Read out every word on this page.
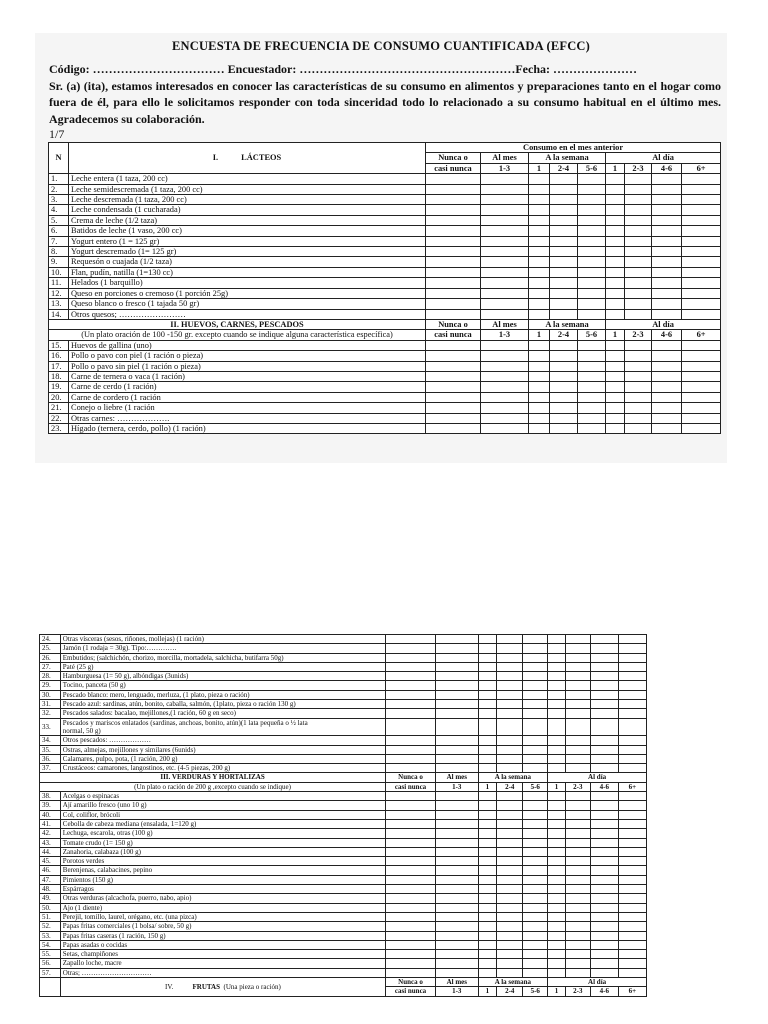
ENCUESTA DE FRECUENCIA DE CONSUMO CUANTIFICADA (EFCC)
Código: …………………………… Encuestador: ………………………………………………Fecha: …………………
Sr. (a) (ita), estamos interesados en conocer las características de su consumo en alimentos y preparaciones tanto en el hogar como fuera de él, para ello le solicitamos responder con toda sinceridad todo lo relacionado a su consumo habitual en el último mes. Agradecemos su colaboración.
1/7
N	I. LÁCTEOS	Consumo en el mes anterior								
		Nunca o	Al mes	A la semana			Al día			
		casi nunca	1-3	1	2-4	5-6	1	2-3	4-6	6+
1.	Leche entera (1 taza, 200 cc)									
2.	Leche semidescremada (1 taza, 200 cc)									
3.	Leche descremada (1 taza, 200 cc)									
4.	Leche condensada (1 cucharada)									
5.	Crema de leche (1/2 taza)									
6.	Batidos de leche (1 vaso, 200 cc)									
7.	Yogurt entero (1 = 125 gr)									
8.	Yogurt descremado (1= 125 gr)									
9.	Requesón o cuajada (1/2 taza)									
10.	Flan, pudín, natilla (1=130 cc)									
11.	Helados (1 barquillo)									
12.	Queso en porciones o cremoso (1 porción 25g)									
13.	Queso blanco o fresco (1 tajada 50 gr)									
14.	Otros quesos; ……………………									
II. HUEVOS, CARNES, PESCADOS		Nunca o	Al mes	A la semana			Al día			
(Un plato oración de 100 -150 gr. excepto cuando se indique alguna característica específica)		casi nunca	1-3	1	2-4	5-6	1	2-3	4-6	6+
15.	Huevos de gallina (uno)									
16.	Pollo o pavo con piel (1 ración o pieza)									
17.	Pollo o pavo sin piel (1 ración o pieza)									
18.	Carne de ternera o vaca (1 ración)									
19.	Carne de cerdo (1 ración)									
20.	Carne de cordero (1 ración									
21.	Conejo o liebre (1 ración									
22.	Otras carnes: ……………….									
23.	Hígado (ternera, cerdo, pollo) (1 ración)									
24.	Otras vísceras (sesos, riñones, mollejas) (1 ración)									
25.	Jamón (1 rodaja = 30g). Tipo:………….									
26.	Embutidos; (salchichón, chorizo, morcilla, mortadela, salchicha, butifarra 50g)									
27.	Paté (25 g)									
28.	Hamburguesa (1= 50 g), albóndigas (3unids)									
29.	Tocino, panceta (50 g)									
30.	Pescado blanco: mero, lenguado, merluza, (1 plato, pieza o ración)									
31.	Pescado azul: sardinas, atún, bonito, caballa, salmón, (1plato, pieza o ración 130 g)									
32.	Pescados salados: bacalao, mejillones,(1 ración, 60 g en seco)									
33.	Pescados y mariscos enlatados (sardinas, anchoas, bonito, atún)(1 lata pequeña o ½ lata
normal, 50 g)									

34.	Otros pescados: ………………									
35.	Ostras, almejas, mejillones y similares (6unids)									
36.	Calamares, pulpo, pota, (1 ración, 200 g)									
37.	Crustáceos: camarones, langostinos, etc. (4-5 piezas, 200 g)									
III. VERDURAS Y HORTALIZAS		Nunca o	Al mes	A la semana			Al día			
(Un plato o ración de 200 g ,excepto cuando se indique)		casi nunca	1-3	1	2-4	5-6	1	2-3	4-6	6+
38.	Acelgas o espinacas									
39.	Ají amarillo fresco (uno 10 g)									
40.	Col, coliflor, brócoli									
41.	Cebolla de cabeza mediana (ensalada, 1=120 g)									
42.	Lechuga, escarola, otras (100 g)									
43.	Tomate crudo (1= 150 g)									
44.	Zanahoria, calabaza (100 g)									
45.	Porotos verdes									
46.	Berenjenas, calabacines, pepino									
47.	Pimientos (150 g)									
48.	Espárragos									
49.	Otras verduras (alcachofa, puerro, nabo, apio)									
50.	Ajo (1 diente)									
51.	Perejil, tomillo, laurel, orégano, etc. (una pizca)									
52.	Papas fritas comerciales (1 bolsa/ sobre, 50 g)									
53.	Papas fritas caseras (1 ración, 150 g)									
54.	Papas asadas o cocidas									
55.	Setas, champiñones									
56.	Zapallo loche, macre									
57.	Otras; …………………………									
	IV. FRUTAS (Una pieza o ración)	Nunca o	Al mes	A la semana			Al día			
		casi nunca	1-3	1	2-4	5-6	1	2-3	4-6	6+
